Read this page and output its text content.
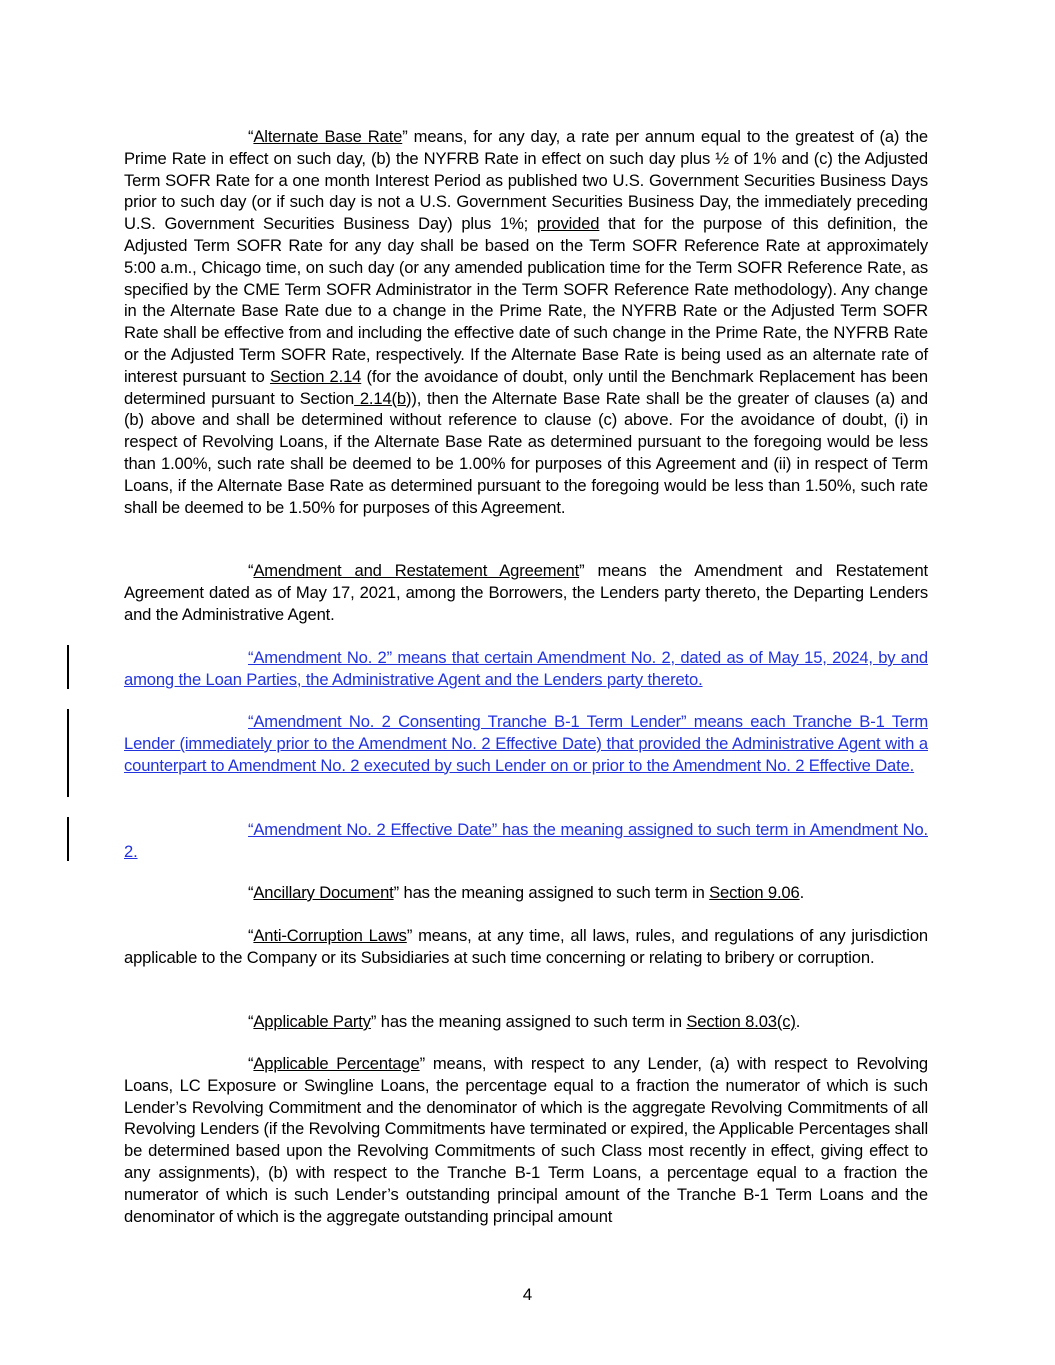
“Alternate Base Rate” means, for any day, a rate per annum equal to the greatest of (a) the Prime Rate in effect on such day, (b) the NYFRB Rate in effect on such day plus ½ of 1% and (c) the Adjusted Term SOFR Rate for a one month Interest Period as published two U.S. Government Securities Business Days prior to such day (or if such day is not a U.S. Government Securities Business Day, the immediately preceding U.S. Government Securities Business Day) plus 1%; provided that for the purpose of this definition, the Adjusted Term SOFR Rate for any day shall be based on the Term SOFR Reference Rate at approximately 5:00 a.m., Chicago time, on such day (or any amended publication time for the Term SOFR Reference Rate, as specified by the CME Term SOFR Administrator in the Term SOFR Reference Rate methodology). Any change in the Alternate Base Rate due to a change in the Prime Rate, the NYFRB Rate or the Adjusted Term SOFR Rate shall be effective from and including the effective date of such change in the Prime Rate, the NYFRB Rate or the Adjusted Term SOFR Rate, respectively. If the Alternate Base Rate is being used as an alternate rate of interest pursuant to Section 2.14 (for the avoidance of doubt, only until the Benchmark Replacement has been determined pursuant to Section 2.14(b)), then the Alternate Base Rate shall be the greater of clauses (a) and (b) above and shall be determined without reference to clause (c) above. For the avoidance of doubt, (i) in respect of Revolving Loans, if the Alternate Base Rate as determined pursuant to the foregoing would be less than 1.00%, such rate shall be deemed to be 1.00% for purposes of this Agreement and (ii) in respect of Term Loans, if the Alternate Base Rate as determined pursuant to the foregoing would be less than 1.50%, such rate shall be deemed to be 1.50% for purposes of this Agreement.

“Amendment and Restatement Agreement” means the Amendment and Restatement Agreement dated as of May 17, 2021, among the Borrowers, the Lenders party thereto, the Departing Lenders and the Administrative Agent.

“Amendment No. 2” means that certain Amendment No. 2, dated as of May 15, 2024, by and among the Loan Parties, the Administrative Agent and the Lenders party thereto.

“Amendment No. 2 Consenting Tranche B-1 Term Lender” means each Tranche B-1 Term Lender (immediately prior to the Amendment No. 2 Effective Date) that provided the Administrative Agent with a counterpart to Amendment No. 2 executed by such Lender on or prior to the Amendment No. 2 Effective Date.

“Amendment No. 2 Effective Date” has the meaning assigned to such term in Amendment No. 2.

“Ancillary Document” has the meaning assigned to such term in Section 9.06.

“Anti-Corruption Laws” means, at any time, all laws, rules, and regulations of any jurisdiction applicable to the Company or its Subsidiaries at such time concerning or relating to bribery or corruption.

“Applicable Party” has the meaning assigned to such term in Section 8.03(c).

“Applicable Percentage” means, with respect to any Lender, (a) with respect to Revolving Loans, LC Exposure or Swingline Loans, the percentage equal to a fraction the numerator of which is such Lender’s Revolving Commitment and the denominator of which is the aggregate Revolving Commitments of all Revolving Lenders (if the Revolving Commitments have terminated or expired, the Applicable Percentages shall be determined based upon the Revolving Commitments of such Class most recently in effect, giving effect to any assignments), (b) with respect to the Tranche B-1 Term Loans, a percentage equal to a fraction the numerator of which is such Lender’s outstanding principal amount of the Tranche B-1 Term Loans and the denominator of which is the aggregate outstanding principal amount

4
